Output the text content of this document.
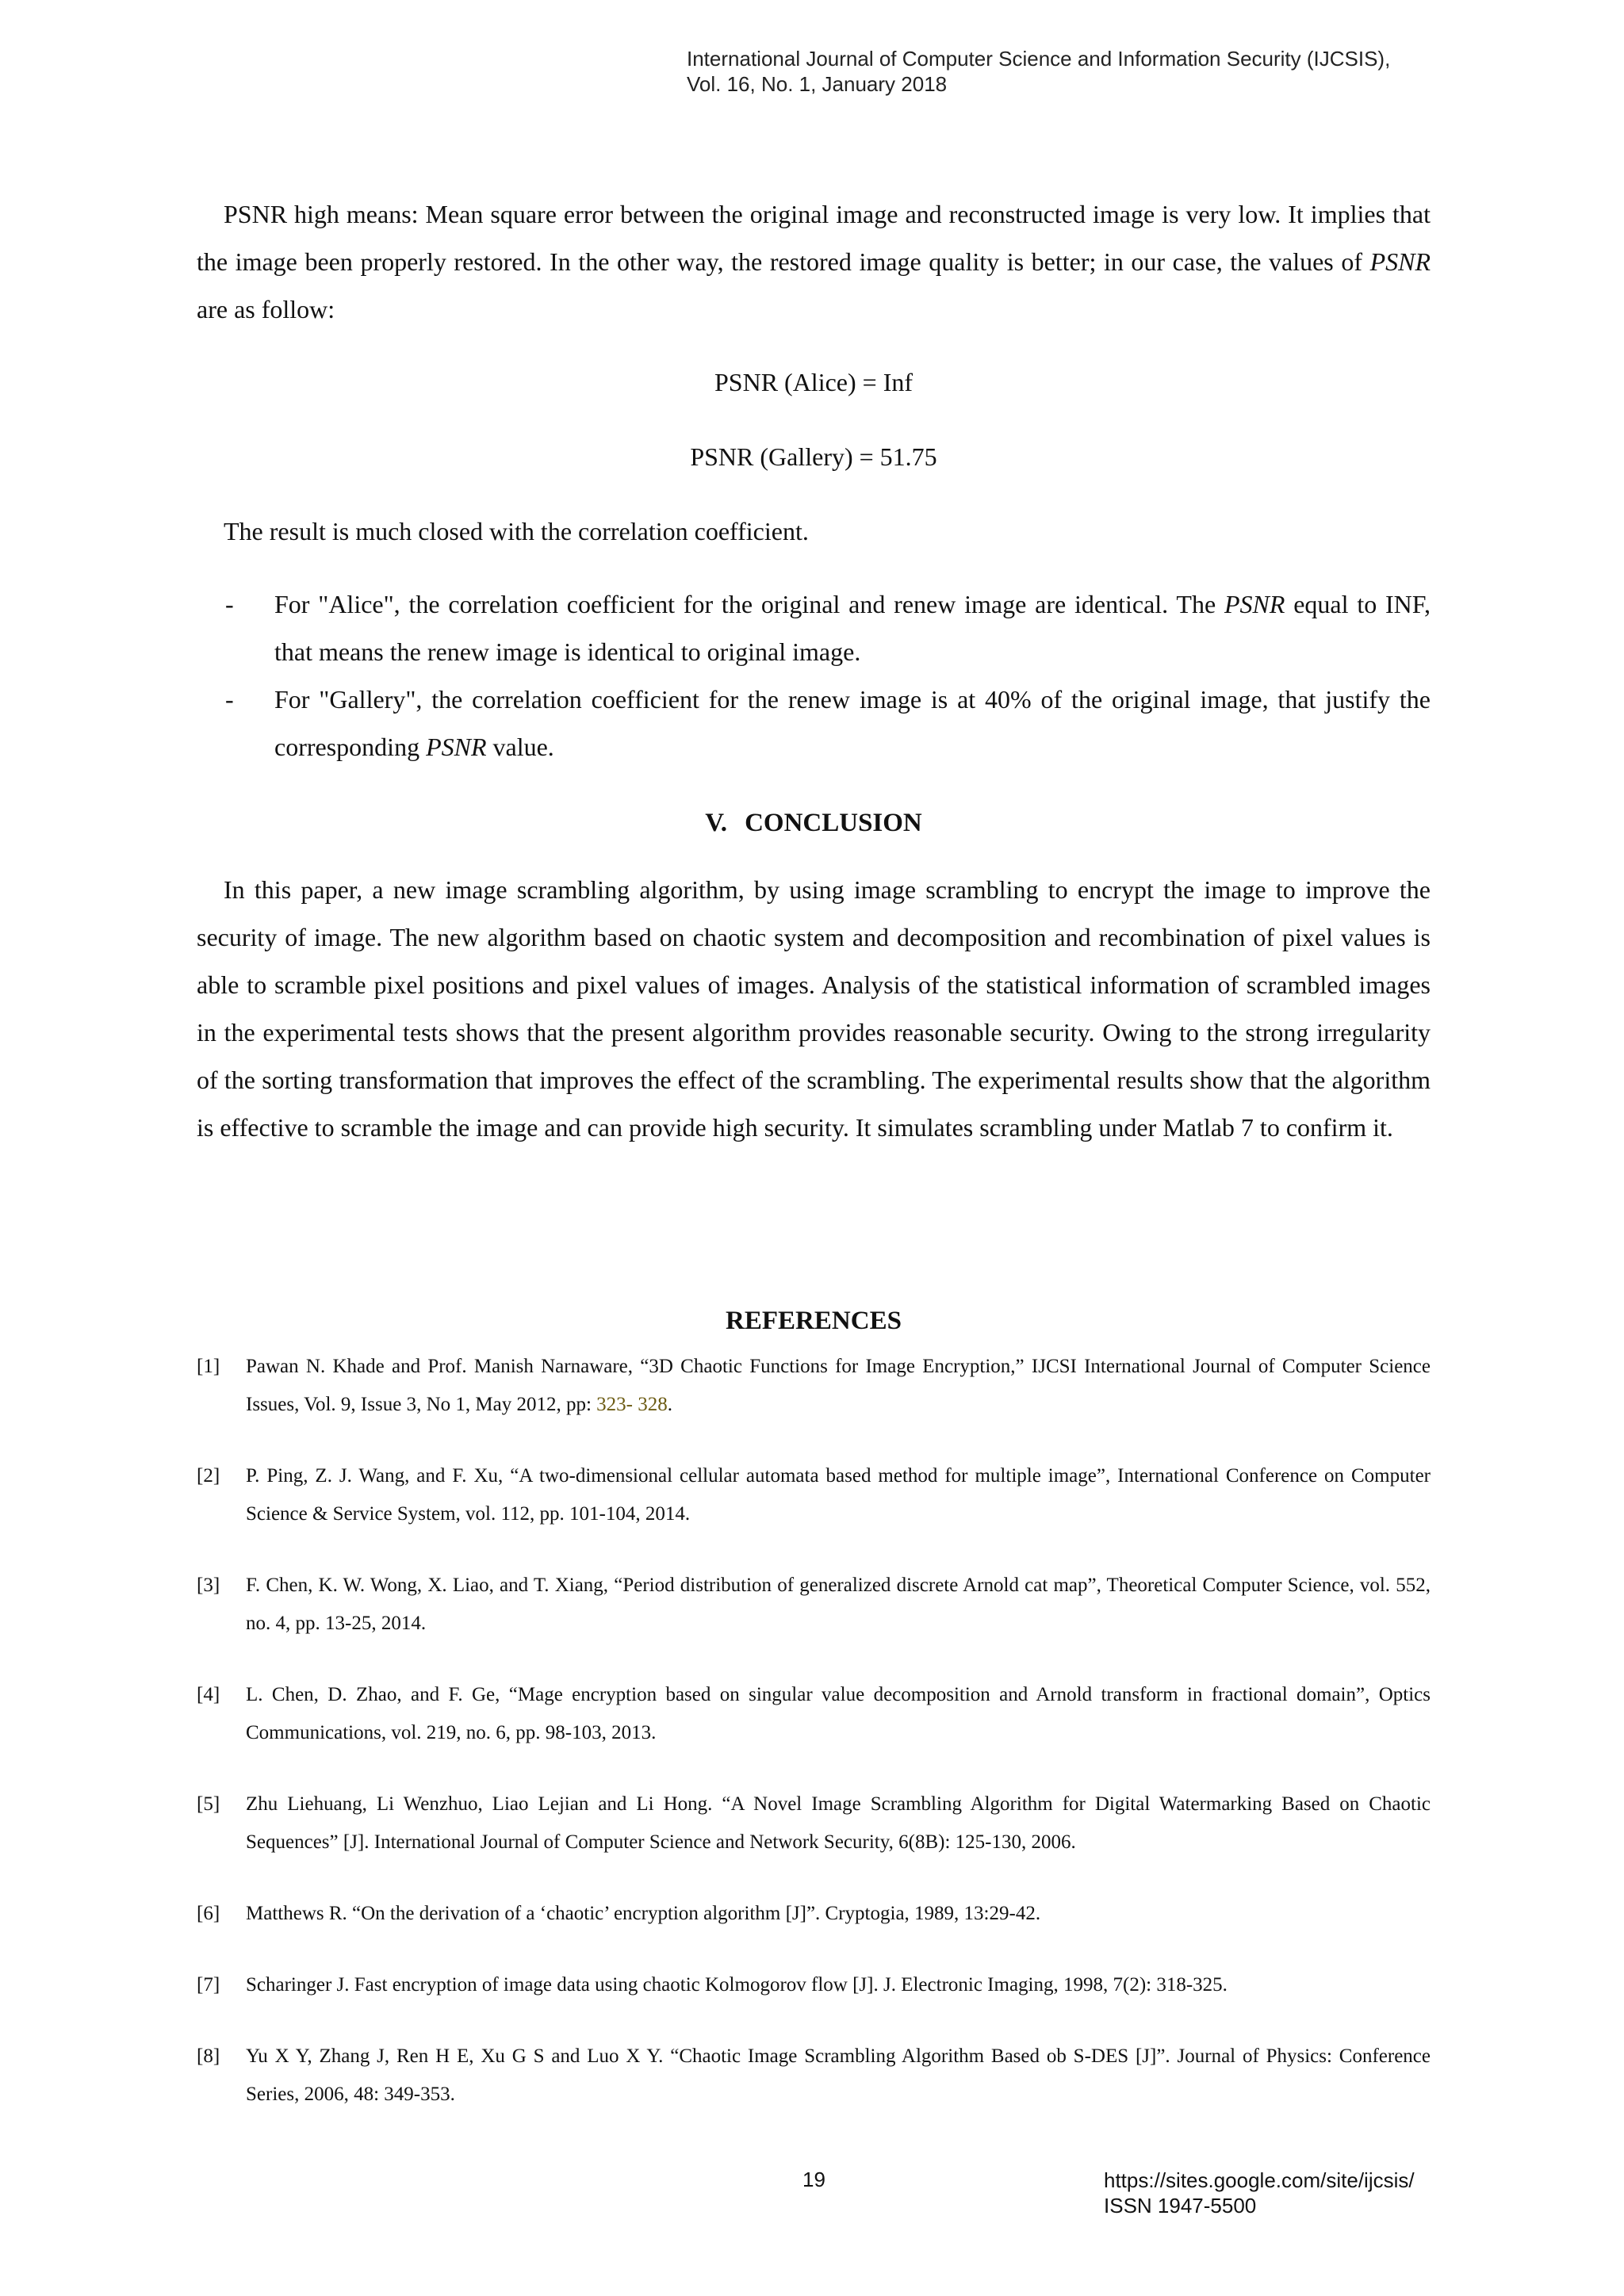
International Journal of Computer Science and Information Security (IJCSIS),
Vol. 16, No. 1, January 2018

PSNR high means: Mean square error between the original image and reconstructed image is very low. It implies that the image been properly restored. In the other way, the restored image quality is better; in our case, the values of PSNR are as follow:

PSNR (Alice) = Inf
PSNR (Gallery) = 51.75

The result is much closed with the correlation coefficient.

- For "Alice", the correlation coefficient for the original and renew image are identical. The PSNR equal to INF, that means the renew image is identical to original image.
- For "Gallery", the correlation coefficient for the renew image is at 40% of the original image, that justify the corresponding PSNR value.
V. CONCLUSION

In this paper, a new image scrambling algorithm, by using image scrambling to encrypt the image to improve the security of image. The new algorithm based on chaotic system and decomposition and recombination of pixel values is able to scramble pixel positions and pixel values of images. Analysis of the statistical information of scrambled images in the experimental tests shows that the present algorithm provides reasonable security. Owing to the strong irregularity of the sorting transformation that improves the effect of the scrambling. The experimental results show that the algorithm is effective to scramble the image and can provide high security. It simulates scrambling under Matlab 7 to confirm it.

REFERENCES
[1] Pawan N. Khade and Prof. Manish Narnaware, “3D Chaotic Functions for Image Encryption,” IJCSI International Journal of Computer Science Issues, Vol. 9, Issue 3, No 1, May 2012, pp: 323- 328.
[2] P. Ping, Z. J. Wang, and F. Xu, “A two-dimensional cellular automata based method for multiple image”, International Conference on Computer Science & Service System, vol. 112, pp. 101-104, 2014.
[3] F. Chen, K. W. Wong, X. Liao, and T. Xiang, “Period distribution of generalized discrete Arnold cat map”, Theoretical Computer Science, vol. 552, no. 4, pp. 13-25, 2014.
[4] L. Chen, D. Zhao, and F. Ge, “Mage encryption based on singular value decomposition and Arnold transform in fractional domain”, Optics Communications, vol. 219, no. 6, pp. 98-103, 2013.
[5] Zhu Liehuang, Li Wenzhuo, Liao Lejian and Li Hong. “A Novel Image Scrambling Algorithm for Digital Watermarking Based on Chaotic Sequences” [J]. International Journal of Computer Science and Network Security, 6(8B): 125-130, 2006.
[6] Matthews R. “On the derivation of a ‘chaotic’ encryption algorithm [J]”. Cryptogia, 1989, 13:29-42.
[7] Scharinger J. Fast encryption of image data using chaotic Kolmogorov flow [J]. J. Electronic Imaging, 1998, 7(2): 318-325.
[8] Yu X Y, Zhang J, Ren H E, Xu G S and Luo X Y. “Chaotic Image Scrambling Algorithm Based ob S-DES [J]”. Journal of Physics: Conference Series, 2006, 48: 349-353.
19	https://sites.google.com/site/ijcsis/
ISSN 1947-5500
